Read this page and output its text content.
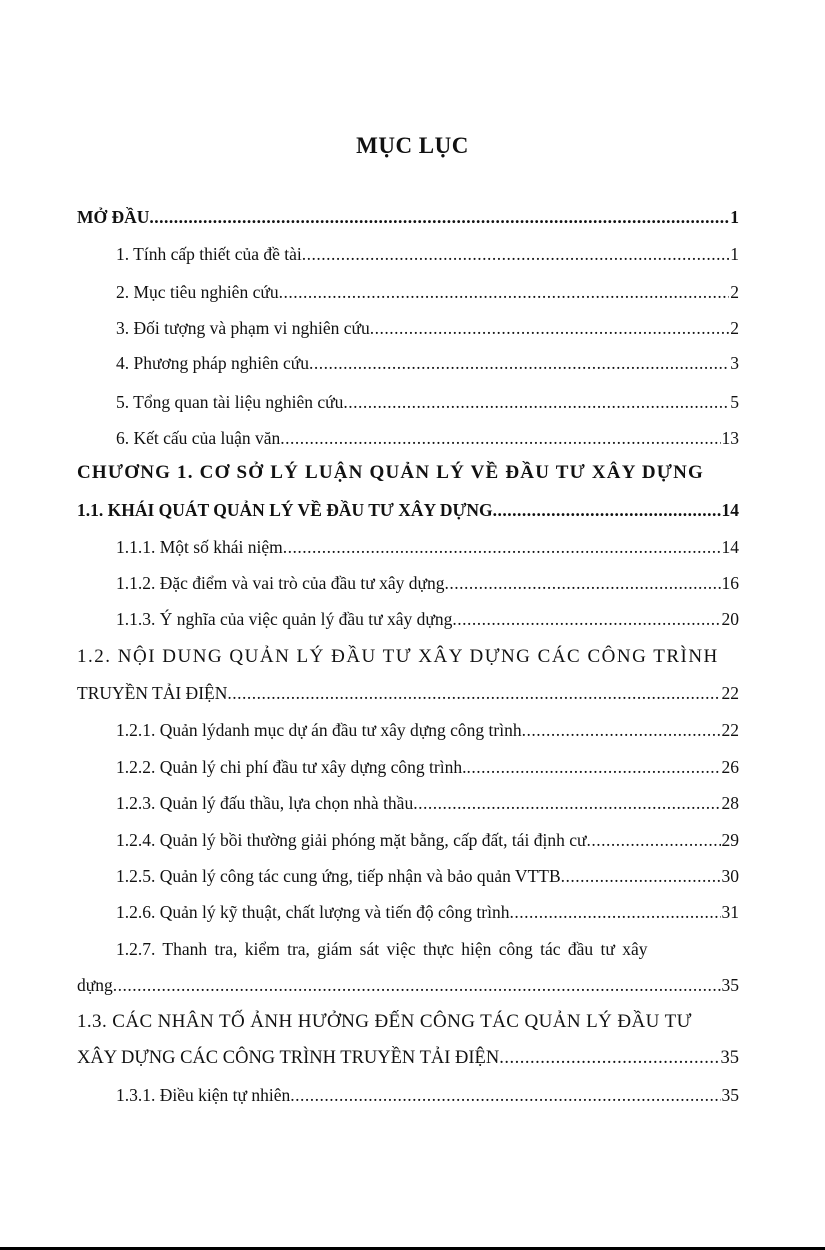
MỤC LỤC
MỞ ĐẦU .....	1
1. Tính cấp thiết của đề tài .....	1
2. Mục tiêu nghiên cứu .....	2
3. Đối tượng và phạm vi nghiên cứu .....	2
4. Phương pháp nghiên cứu .....	3
5. Tổng quan tài liệu nghiên cứu .....	5
6. Kết cấu của luận văn .....	13
CHƯƠNG 1. CƠ SỞ LÝ LUẬN QUẢN LÝ VỀ ĐẦU TƯ XÂY DỰNG
1.1. KHÁI QUÁT QUẢN LÝ VỀ ĐẦU TƯ XÂY DỰNG .....	14
1.1.1. Một số khái niệm .....	14
1.1.2. Đặc điểm và vai trò của đầu tư xây dựng .....	16
1.1.3. Ý nghĩa của việc quản lý đầu tư xây dựng .....	20
1.2. NỘI DUNG QUẢN LÝ ĐẦU TƯ XÂY DỰNG CÁC CÔNG TRÌNH
TRUYỀN TẢI ĐIỆN .....	22
1.2.1. Quản lýdanh mục dự án đầu tư xây dựng công trình .....	22
1.2.2. Quản lý chi phí đầu tư xây dựng công trình. .....	26
1.2.3. Quản lý đấu thầu, lựa chọn nhà thầu .....	28
1.2.4. Quản lý bồi thường giải phóng mặt bằng, cấp đất, tái định cư .....	29
1.2.5. Quản lý công tác cung ứng, tiếp nhận và bảo quản VTTB .....	30
1.2.6. Quản lý kỹ thuật, chất lượng và tiến độ công trình .....	31
1.2.7. Thanh tra, kiểm tra, giám sát việc thực hiện công tác đầu tư xây
dựng .....	35
1.3. CÁC NHÂN TỐ ẢNH HƯỞNG ĐẾN CÔNG TÁC QUẢN LÝ ĐẦU TƯ
XÂY DỰNG CÁC CÔNG TRÌNH TRUYỀN TẢI ĐIỆN .....	35
1.3.1. Điều kiện tự nhiên .....	35
